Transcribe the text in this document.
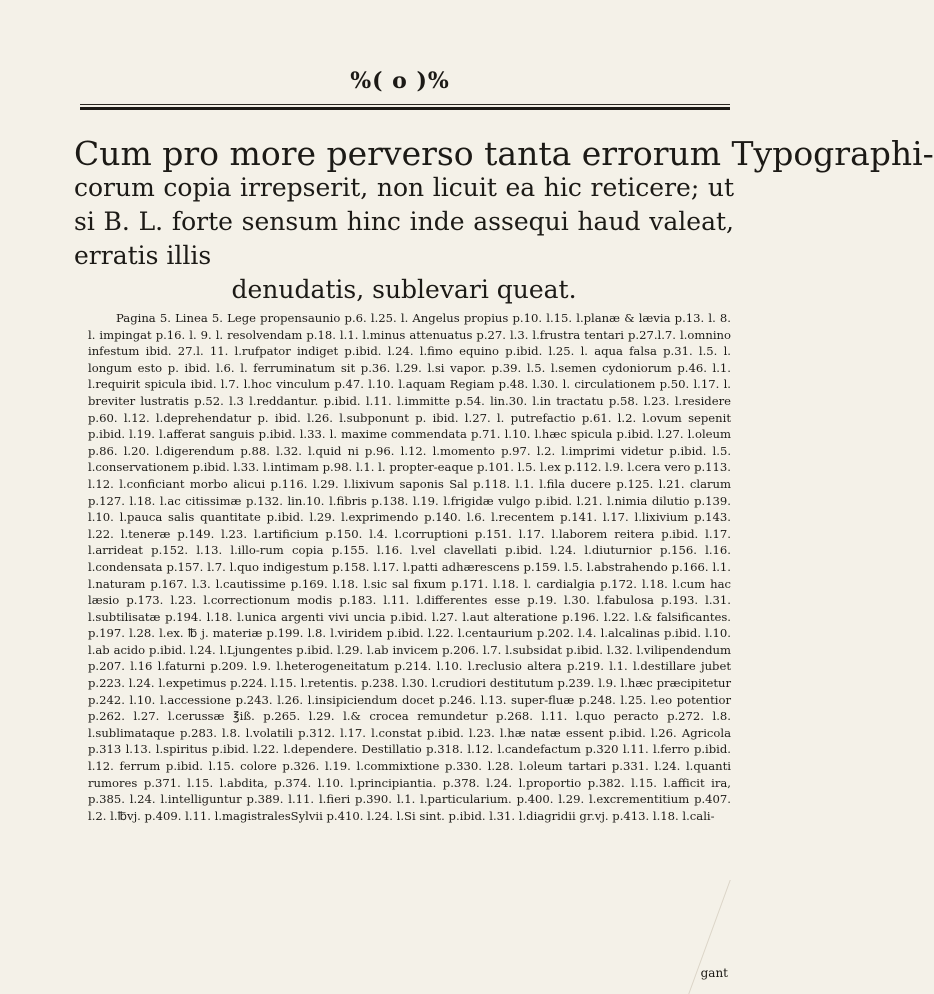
%( o )%
Cum pro more perverso tanta errorum Typographi-
corum copia irrepserit, non licuit ea hic reticere; ut si B. L. forte sensum hinc inde assequi haud valeat, erratis illis
denudatis, sublevari queat.

Pagina 5. Linea 5. Lege propensaunio p.6. l.25. l. Angelus propius p.10. l.15. l.planæ & lævia p.13. l. 8. l. impingat p.16. l. 9. l. resolvendam p.18. l.1. l.minus attenuatus p.27. l.3. l.frustra tentari p.27.l.7. l.omnino infestum ibid. 27.l. 11. l.rufpator indiget p.ibid. l.24. l.fimo equino p.ibid. l.25. l. aqua falsa p.31. l.5. l. longum esto p. ibid. l.6. l. ferruminatum sit p.36. l.29. l.si vapor. p.39. l.5. l.semen cydoniorum p.46. l.1. l.requirit spicula ibid. l.7. l.hoc vinculum p.47. l.10. l.aquam Regiam p.48. l.30. l. circulationem p.50. l.17. l. breviter lustratis p.52. l.3 l.reddantur. p.ibid. l.11. l.immitte p.54. lin.30. l.in tractatu p.58. l.23. l.residere p.60. l.12. l.deprehendatur p. ibid. l.26. l.subponunt p. ibid. l.27. l. putrefactio p.61. l.2. l.ovum sepenit p.ibid. l.19. l.afferat sanguis p.ibid. l.33. l. maxime commendata p.71. l.10. l.hæc spicula p.ibid. l.27. l.oleum p.86. l.20. l.digerendum p.88. l.32. l.quid ni p.96. l.12. l.momento p.97. l.2. l.imprimi videtur p.ibid. l.5. l.conservationem p.ibid. l.33. l.intimam p.98. l.1. l. propter-eaque p.101. l.5. l.ex p.112. l.9. l.cera vero p.113. l.12. l.conficiant morbo alicui p.116. l.29. l.lixivum saponis Sal p.118. l.1. l.fila ducere p.125. l.21. clarum p.127. l.18. l.ac citissimæ p.132. lin.10. l.fibris p.138. l.19. l.frigidæ vulgo p.ibid. l.21. l.nimia dilutio p.139. l.10. l.pauca salis quantitate p.ibid. l.29. l.exprimendo p.140. l.6. l.recentem p.141. l.17. l.lixivium p.143. l.22. l.teneræ p.149. l.23. l.artificium p.150. l.4. l.corruptioni p.151. l.17. l.laborem reitera p.ibid. l.17. l.arrideat p.152. l.13. l.illo-rum copia p.155. l.16. l.vel clavellati p.ibid. l.24. l.diuturnior p.156. l.16. l.condensata p.157. l.7. l.quo indigestum p.158. l.17. l.patti adhærescens p.159. l.5. l.abstrahendo p.166. l.1. l.naturam p.167. l.3. l.cautissime p.169. l.18. l.sic sal fixum p.171. l.18. l. cardialgia p.172. l.18. l.cum hac læsio p.173. l.23. l.correctionum modis p.183. l.11. l.differentes esse p.19. l.30. l.fabulosa p.193. l.31. l.subtilisatæ p.194. l.18. l.unica argenti vivi uncia p.ibid. l.27. l.aut alteratione p.196. l.22. l.& falsificantes. p.197. l.28. l.ex. ℔ j. materiæ p.199. l.8. l.viridem p.ibid. l.22. l.centaurium p.202. l.4. l.alcalinas p.ibid. l.10. l.ab acido p.ibid. l.24. l.Ljungentes p.ibid. l.29. l.ab invicem p.206. l.7. l.subsidat p.ibid. l.32. l.vilipendendum p.207. l.16 l.faturni p.209. l.9. l.heterogeneitatum p.214. l.10. l.reclusio altera p.219. l.1. l.destillare jubet p.223. l.24. l.expetimus p.224. l.15. l.retentis. p.238. l.30. l.crudiori destitutum p.239. l.9. l.hæc præcipitetur p.242. l.10. l.accessione p.243. l.26. l.insipiciendum docet p.246. l.13. super-fluæ p.248. l.25. l.eo potentior p.262. l.27. l.cerussæ ℥iß. p.265. l.29. l.& crocea remundetur p.268. l.11. l.quo peracto p.272. l.8. l.sublimataque p.283. l.8. l.volatili p.312. l.17. l.constat p.ibid. l.23. l.hæ natæ essent p.ibid. l.26. Agricola p.313 l.13. l.spiritus p.ibid. l.22. l.dependere. Destillatio p.318. l.12. l.candefactum p.320 l.11. l.ferro p.ibid. l.12. ferrum p.ibid. l.15. colore p.326. l.19. l.commixtione p.330. l.28. l.oleum tartari p.331. l.24. l.quanti rumores p.371. l.15. l.abdita, p.374. l.10. l.principiantia. p.378. l.24. l.proportio p.382. l.15. l.afficit ira, p.385. l.24. l.intelliguntur p.389. l.11. l.fieri p.390. l.1. l.particularium. p.400. l.29. l.excrementitium p.407. l.2. l.℔vj. p.409. l.11. l.magistralesSylvii p.410. l.24. l.Si sint. p.ibid. l.31. l.diagridii gr.vj. p.413. l.18. l.cali-

gant
